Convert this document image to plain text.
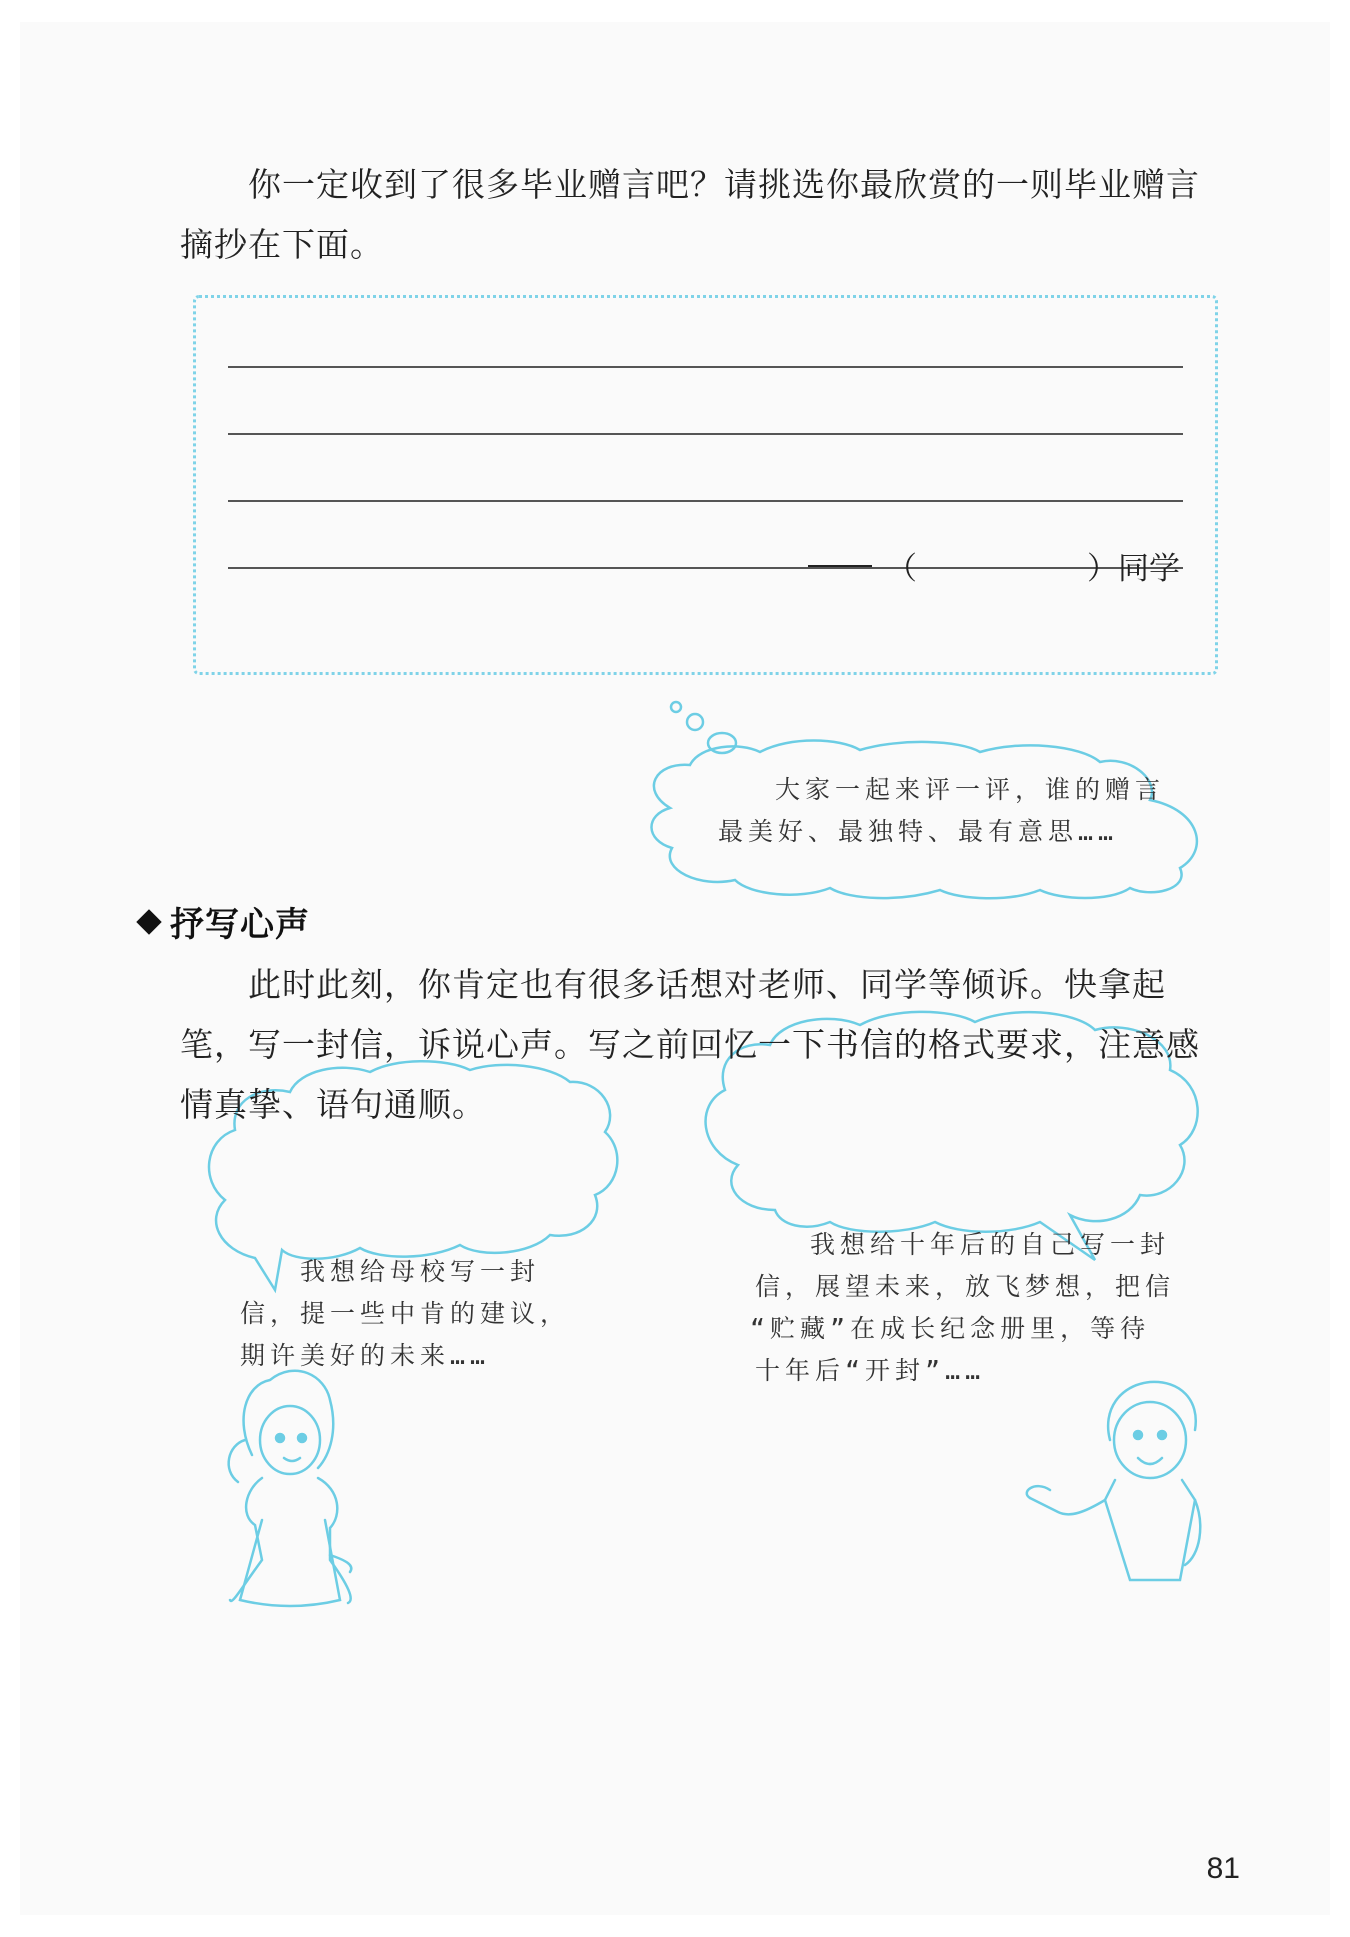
你一定收到了很多毕业赠言吧？请挑选你最欣赏的一则毕业赠言摘抄在下面。

（	） 同学

大家一起来评一评，谁的赠言

最美好、最独特、最有意思……

抒写心声

此时此刻，你肯定也有很多话想对老师、同学等倾诉。快拿起笔，写一封信，诉说心声。写之前回忆一下书信的格式要求，注意感情真挚、语句通顺。

我想给母校写一封

信，提一些中肯的建议，

期许美好的未来……

我想给十年后的自己写一封

信，展望未来，放飞梦想，把信

“贮藏”在成长纪念册里，等待

十年后“开封”……

81
